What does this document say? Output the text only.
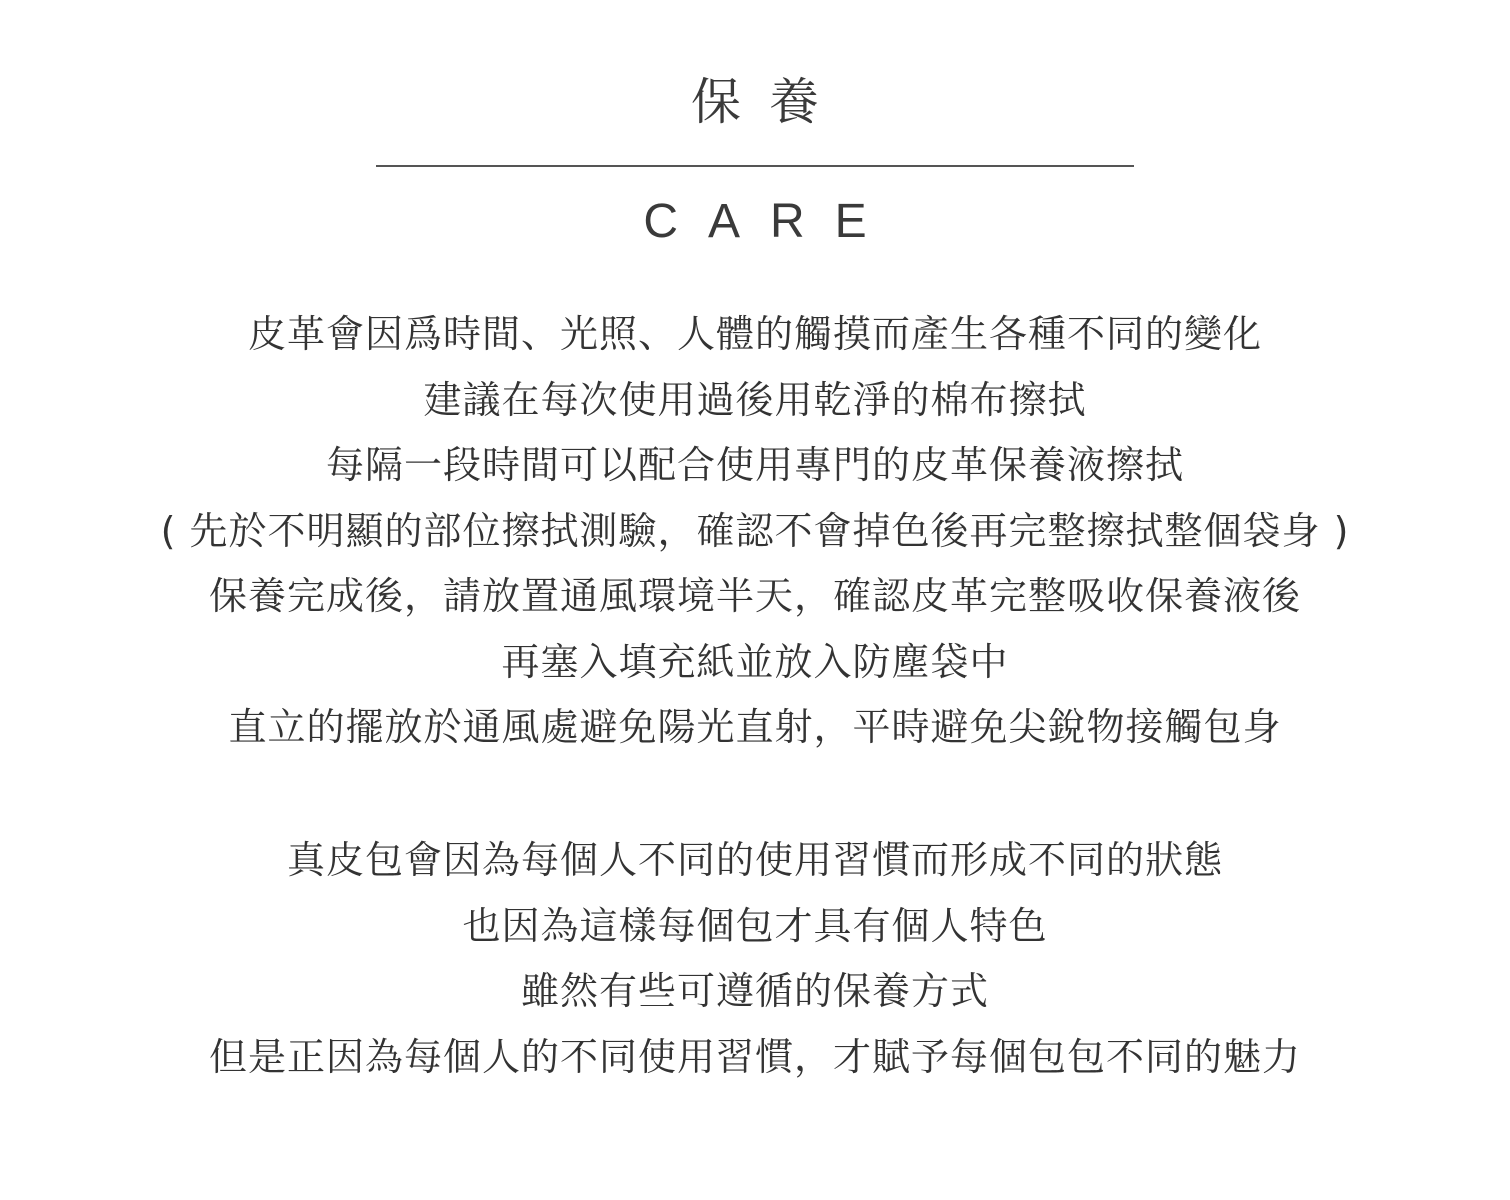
保養
CARE
皮革會因爲時間、光照、人體的觸摸而產生各種不同的變化
建議在每次使用過後用乾淨的棉布擦拭
每隔一段時間可以配合使用專門的皮革保養液擦拭
( 先於不明顯的部位擦拭測驗，確認不會掉色後再完整擦拭整個袋身 )
保養完成後，請放置通風環境半天，確認皮革完整吸收保養液後
再塞入填充紙並放入防塵袋中
直立的擺放於通風處避免陽光直射，平時避免尖銳物接觸包身
真皮包會因為每個人不同的使用習慣而形成不同的狀態
也因為這樣每個包才具有個人特色
雖然有些可遵循的保養方式
但是正因為每個人的不同使用習慣，才賦予每個包包不同的魅力
